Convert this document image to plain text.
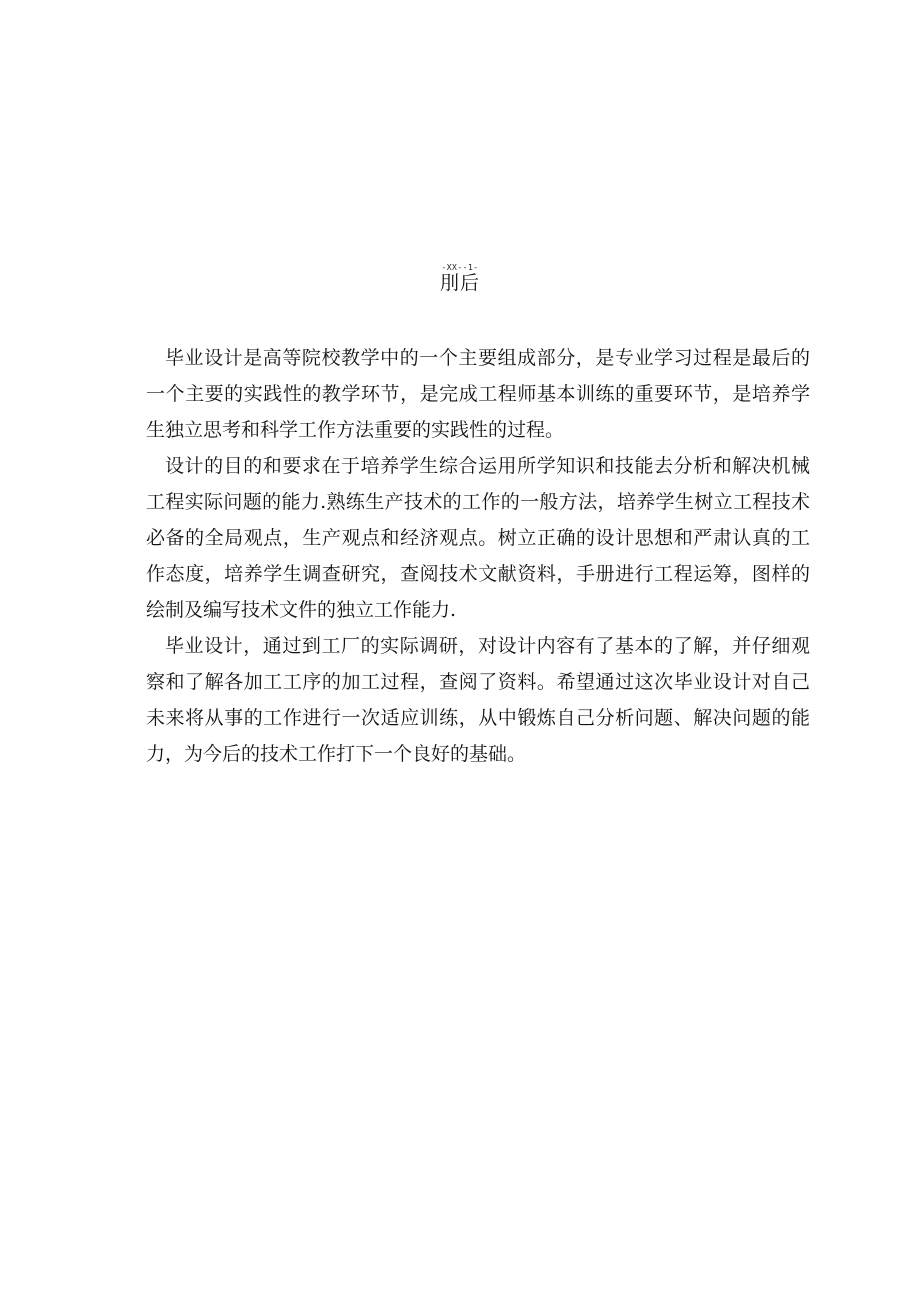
-XX--1-
刖后

毕业设计是高等院校教学中的一个主要组成部分，是专业学习过程是最后的一个主要的实践性的教学环节，是完成工程师基本训练的重要环节，是培养学生独立思考和科学工作方法重要的实践性的过程。

设计的目的和要求在于培养学生综合运用所学知识和技能去分析和解决机械工程实际问题的能力.熟练生产技术的工作的一般方法，培养学生树立工程技术必备的全局观点，生产观点和经济观点。树立正确的设计思想和严肃认真的工作态度，培养学生调查研究，查阅技术文献资料，手册进行工程运筹，图样的绘制及编写技术文件的独立工作能力.

毕业设计，通过到工厂的实际调研，对设计内容有了基本的了解，并仔细观察和了解各加工工序的加工过程，查阅了资料。希望通过这次毕业设计对自己未来将从事的工作进行一次适应训练，从中锻炼自己分析问题、解决问题的能力，为今后的技术工作打下一个良好的基础。
